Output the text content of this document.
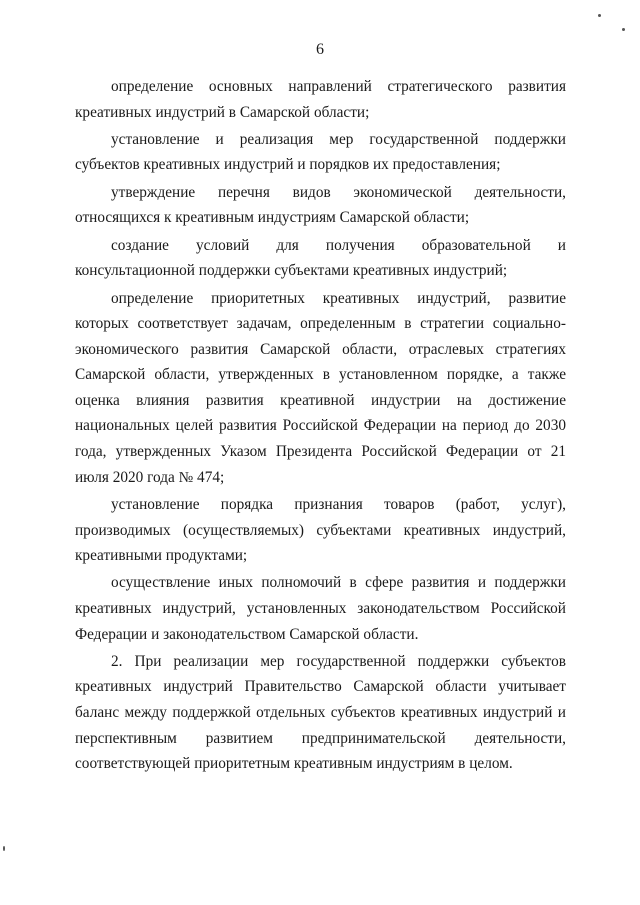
6

определение основных направлений стратегического развития креативных индустрий в Самарской области;

установление и реализация мер государственной поддержки субъектов креативных индустрий и порядков их предоставления;

утверждение перечня видов экономической деятельности, относящихся к креативным индустриям Самарской области;

создание условий для получения образовательной и консультационной поддержки субъектами креативных индустрий;

определение приоритетных креативных индустрий, развитие которых соответствует задачам, определенным в стратегии социально-экономического развития Самарской области, отраслевых стратегиях Самарской области, утвержденных в установленном порядке, а также оценка влияния развития креативной индустрии на достижение национальных целей развития Российской Федерации на период до 2030 года, утвержденных Указом Президента Российской Федерации от 21 июля 2020 года № 474;

установление порядка признания товаров (работ, услуг), производимых (осуществляемых) субъектами креативных индустрий, креативными продуктами;

осуществление иных полномочий в сфере развития и поддержки креативных индустрий, установленных законодательством Российской Федерации и законодательством Самарской области.

2. При реализации мер государственной поддержки субъектов креативных индустрий Правительство Самарской области учитывает баланс между поддержкой отдельных субъектов креативных индустрий и перспективным развитием предпринимательской деятельности, соответствующей приоритетным креативным индустриям в целом.
